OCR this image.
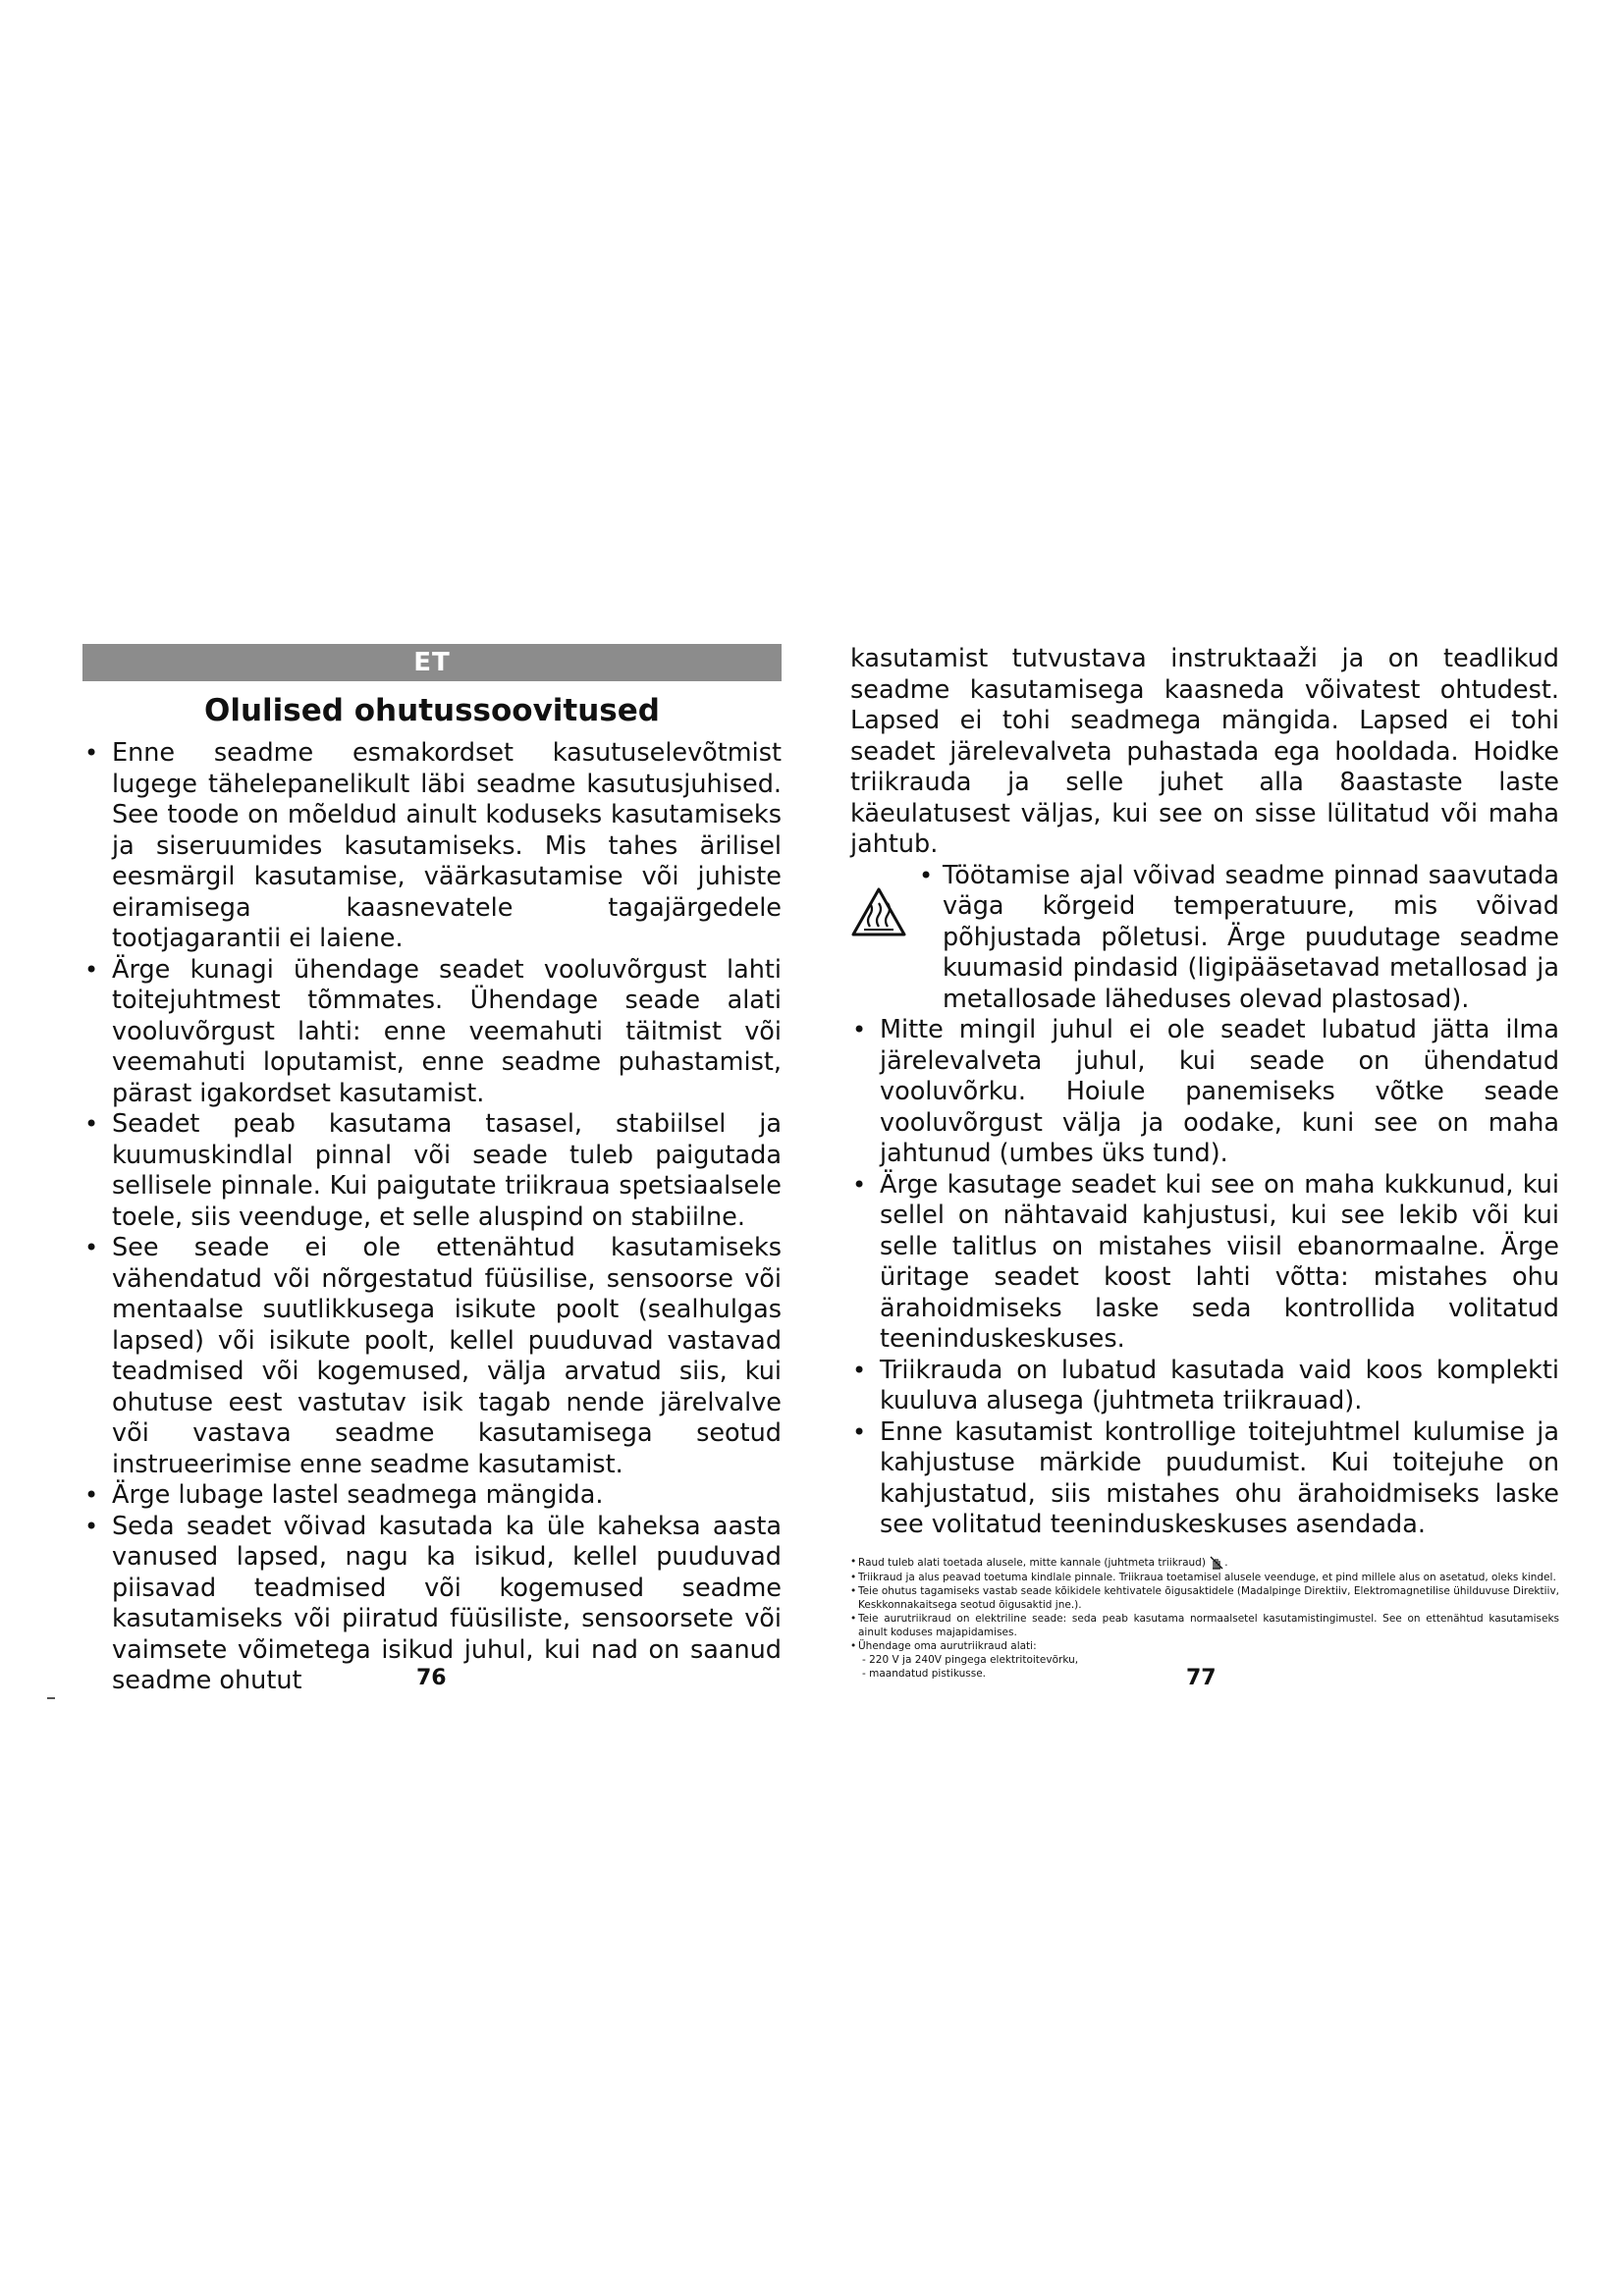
ET
Olulised ohutussoovitused

• Enne seadme esmakordset kasutuselevõtmist lugege tähelepanelikult läbi seadme kasutusjuhised. See toode on mõeldud ainult koduseks kasutamiseks ja siseruumides kasutamiseks. Mis tahes ärilisel eesmärgil kasutamise, väärkasutamise või juhiste eiramisega kaasnevatele tagajärgedele tootjagarantii ei laiene.

• Ärge kunagi ühendage seadet vooluvõrgust lahti toitejuhtmest tõmmates. Ühendage seade alati vooluvõrgust lahti: enne veemahuti täitmist või veemahuti loputamist, enne seadme puhastamist, pärast igakordset kasutamist.

• Seadet peab kasutama tasasel, stabiilsel ja kuumuskindlal pinnal või seade tuleb paigutada sellisele pinnale. Kui paigutate triikraua spetsiaalsele toele, siis veenduge, et selle aluspind on stabiilne.

• See seade ei ole ettenähtud kasutamiseks vähendatud või nõrgestatud füüsilise, sensoorse või mentaalse suutlikkusega isikute poolt (sealhulgas lapsed) või isikute poolt, kellel puuduvad vastavad teadmised või kogemused, välja arvatud siis, kui ohutuse eest vastutav isik tagab nende järelvalve või vastava seadme kasutamisega seotud instrueerimise enne seadme kasutamist.

• Ärge lubage lastel seadmega mängida.

• Seda seadet võivad kasutada ka üle kaheksa aasta vanused lapsed, nagu ka isikud, kellel puuduvad piisavad teadmised või kogemused seadme kasutamiseks või piiratud füüsiliste, sensoorsete või vaimsete võimetega isikud juhul, kui nad on saanud seadme ohutut

kasutamist tutvustava instruktaaži ja on teadlikud seadme kasutamisega kaasneda võivatest ohtudest. Lapsed ei tohi seadmega mängida. Lapsed ei tohi seadet järelevalveta puhastada ega hooldada. Hoidke triikrauda ja selle juhet alla 8aastaste laste käeulatusest väljas, kui see on sisse lülitatud või maha jahtub.

• Töötamise ajal võivad seadme pinnad saavutada väga kõrgeid temperatuure, mis võivad põhjustada põletusi. Ärge puudutage seadme kuumasid pindasid (ligipääsetavad metallosad ja metallosade läheduses olevad plastosad).

• Mitte mingil juhul ei ole seadet lubatud jätta ilma järelevalveta juhul, kui seade on ühendatud vooluvõrku. Hoiule panemiseks võtke seade vooluvõrgust välja ja oodake, kuni see on maha jahtunud (umbes üks tund).

• Ärge kasutage seadet kui see on maha kukkunud, kui sellel on nähtavaid kahjustusi, kui see lekib või kui selle talitlus on mistahes viisil ebanormaalne. Ärge üritage seadet koost lahti võtta: mistahes ohu ärahoidmiseks laske seda kontrollida volitatud teeninduskeskuses.

• Triikrauda on lubatud kasutada vaid koos komplekti kuuluva alusega (juhtmeta triikrauad).

• Enne kasutamist kontrollige toitejuhtmel kulumise ja kahjustuse märkide puudumist. Kui toitejuhe on kahjustatud, siis mistahes ohu ärahoidmiseks laske see volitatud teeninduskeskuses asendada.

• Raud tuleb alati toetada alusele, mitte kannale (juhtmeta triikraud) .

• Triikraud ja alus peavad toetuma kindlale pinnale. Triikraua toetamisel alusele veenduge, et pind millele alus on asetatud, oleks kindel.

• Teie ohutus tagamiseks vastab seade kõikidele kehtivatele õigusaktidele (Madalpinge Direktiiv, Elektromagnetilise ühilduvuse Direktiiv, Keskkonnakaitsega seotud õigusaktid jne.).

• Teie aurutriikraud on elektriline seade: seda peab kasutama normaalsetel kasutamistingimustel. See on ettenähtud kasutamiseks ainult koduses majapidamises.

• Ühendage oma aurutriikraud alati:

- 220 V ja 240V pingega elektritoitevõrku,

- maandatud pistikusse.

76	77
